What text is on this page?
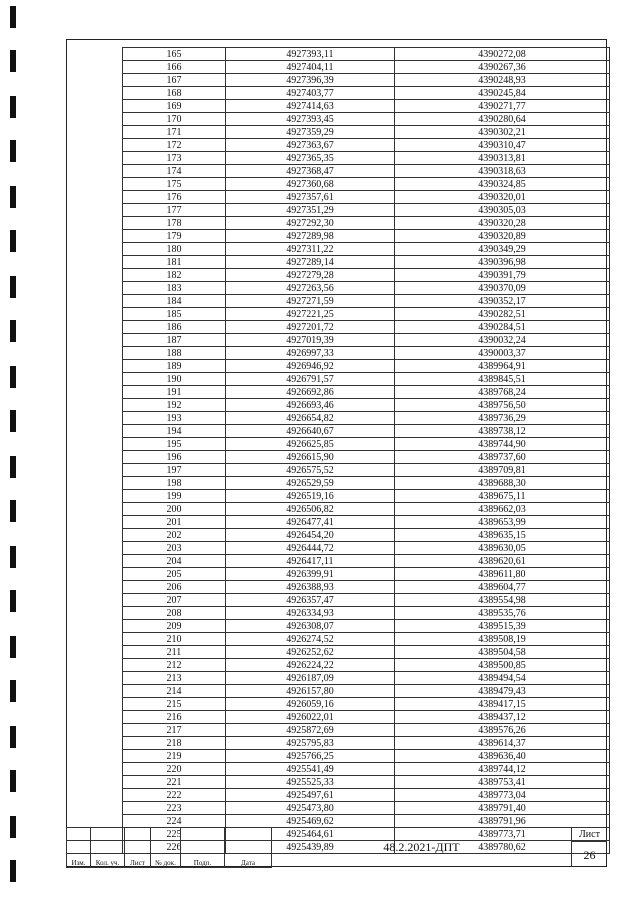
165	4927393,11	4390272,08
166	4927404,11	4390267,36
167	4927396,39	4390248,93
168	4927403,77	4390245,84
169	4927414,63	4390271,77
170	4927393,45	4390280,64
171	4927359,29	4390302,21
172	4927363,67	4390310,47
173	4927365,35	4390313,81
174	4927368,47	4390318,63
175	4927360,68	4390324,85
176	4927357,61	4390320,01
177	4927351,29	4390305,03
178	4927292,30	4390320,28
179	4927289,98	4390320,89
180	4927311,22	4390349,29
181	4927289,14	4390396,98
182	4927279,28	4390391,79
183	4927263,56	4390370,09
184	4927271,59	4390352,17
185	4927221,25	4390282,51
186	4927201,72	4390284,51
187	4927019,39	4390032,24
188	4926997,33	4390003,37
189	4926946,92	4389964,91
190	4926791,57	4389845,51
191	4926692,86	4389768,24
192	4926693,46	4389756,50
193	4926654,82	4389736,29
194	4926640,67	4389738,12
195	4926625,85	4389744,90
196	4926615,90	4389737,60
197	4926575,52	4389709,81
198	4926529,59	4389688,30
199	4926519,16	4389675,11
200	4926506,82	4389662,03
201	4926477,41	4389653,99
202	4926454,20	4389635,15
203	4926444,72	4389630,05
204	4926417,11	4389620,61
205	4926399,91	4389611,80
206	4926388,93	4389604,77
207	4926357,47	4389554,98
208	4926334,93	4389535,76
209	4926308,07	4389515,39
210	4926274,52	4389508,19
211	4926252,62	4389504,58
212	4926224,22	4389500,85
213	4926187,09	4389494,54
214	4926157,80	4389479,43
215	4926059,16	4389417,15
216	4926022,01	4389437,12
217	4925872,69	4389576,26
218	4925795,83	4389614,37
219	4925766,25	4389636,40
220	4925541,49	4389744,12
221	4925525,33	4389753,41
222	4925497,61	4389773,04
223	4925473,80	4389791,40
224	4925469,62	4389791,96
225	4925464,61	4389773,71
226	4925439,89	4389780,62

Изм.	Кол. уч.	Лист	№ док.	Подп.	Дата
48.2.2021-ДПТ
Лист
26
